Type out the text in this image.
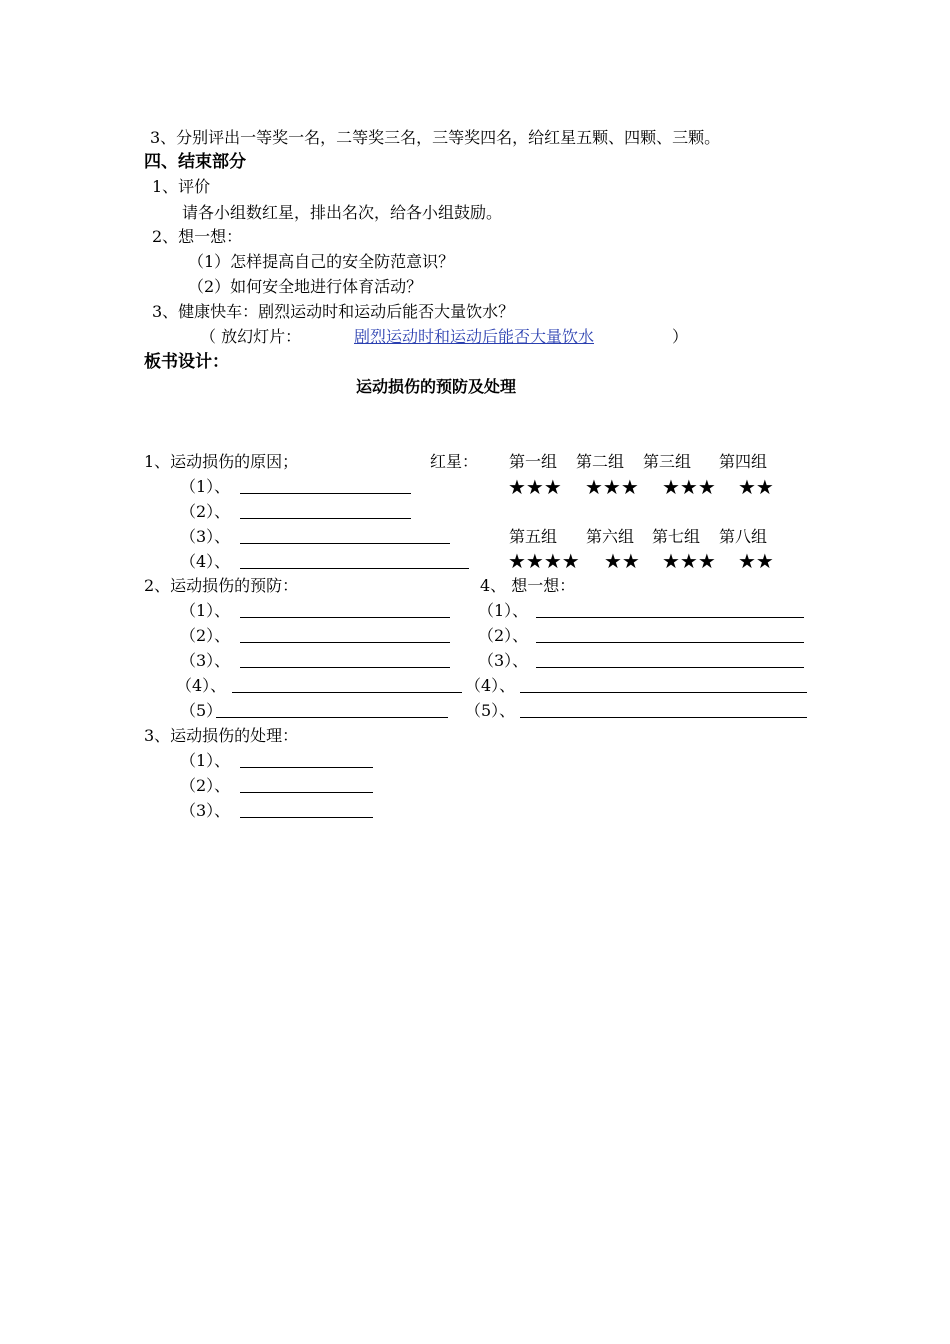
3、分别评出一等奖一名，二等奖三名，三等奖四名，给红星五颗、四颗、三颗。
四、结束部分
1、评价
请各小组数红星，排出名次，给各小组鼓励。
2、想一想：
（1）怎样提高自己的安全防范意识？
（2）如何安全地进行体育活动？
3、健康快车：剧烈运动时和运动后能否大量饮水？
（ 放幻灯片：	剧烈运动时和运动后能否大量饮水	）
板书设计：
运动损伤的预防及处理
1、运动损伤的原因；	红星： 第一组 第二组 第三组 第四组
★★★ ★★★ ★★★ ★★
第五组 第六组 第七组 第八组
★★★★ ★★ ★★★ ★★
（1）、
（2）、
（3）、
（4）、
2、运动损伤的预防：	4、 想一想：
（1）、	（1）、
（2）、	（2）、
（3）、	（3）、
（4）、	（4）、
（5）	（5）、
3、运动损伤的处理：
（1）、
（2）、
（3）、
